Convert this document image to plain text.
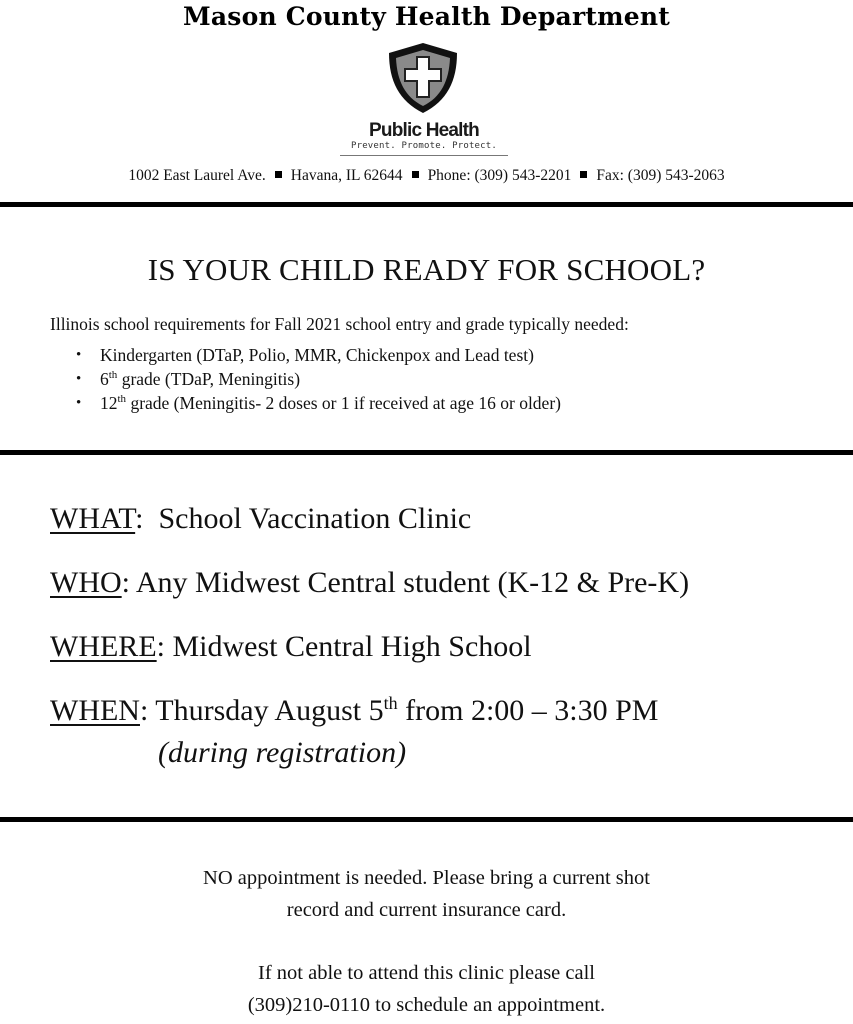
Mason County Health Department
Public Health
Prevent. Promote. Protect.
1002 East Laurel Ave. Havana, IL 62644 Phone: (309) 543-2201 Fax: (309) 543-2063
IS YOUR CHILD READY FOR SCHOOL?
Illinois school requirements for Fall 2021 school entry and grade typically needed:
• Kindergarten (DTaP, Polio, MMR, Chickenpox and Lead test)
• 6th grade (TDaP, Meningitis)
• 12th grade (Meningitis- 2 doses or 1 if received at age 16 or older)
WHAT:  School Vaccination Clinic
WHO: Any Midwest Central student (K-12 & Pre-K)
WHERE: Midwest Central High School
WHEN: Thursday August 5th from 2:00 – 3:30 PM
(during registration)
NO appointment is needed. Please bring a current shot
record and current insurance card.
If not able to attend this clinic please call
(309)210-0110 to schedule an appointment.
